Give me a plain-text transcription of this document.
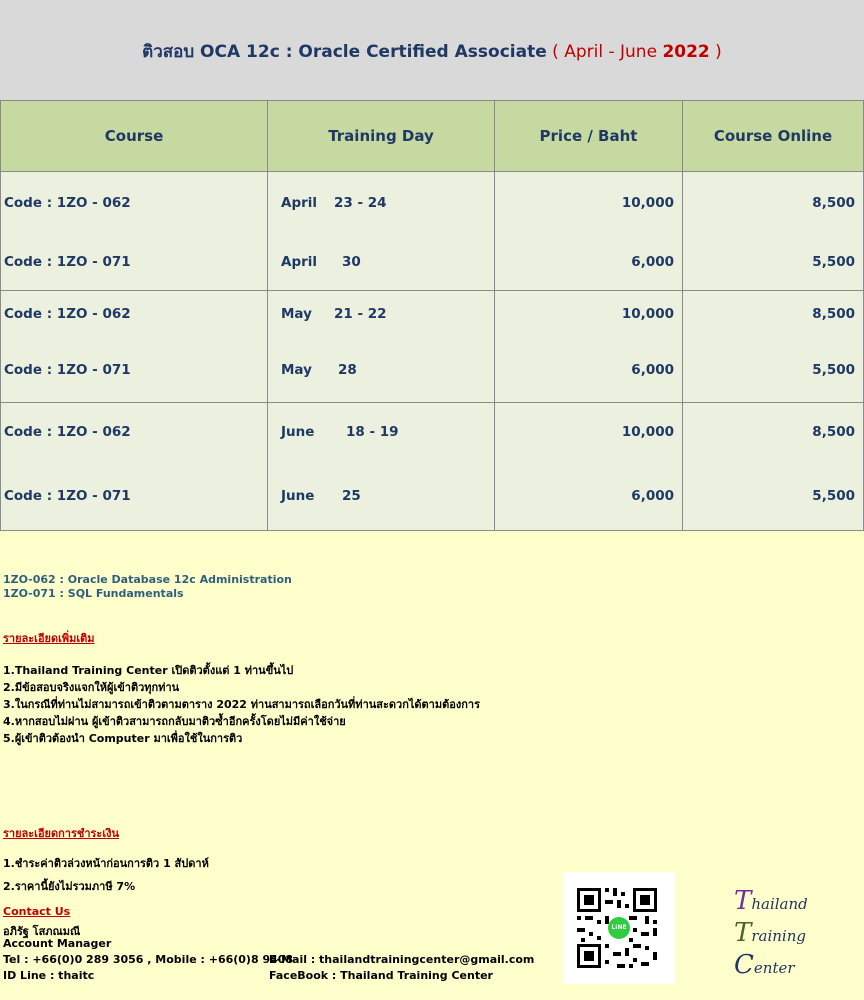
ติวสอบ OCA 12c : Oracle Certified Associate ( April - June 2022 )
Course	Training Day	Price / Baht	Course Online
Code : 1ZO - 062	April 23 - 24	10,000	8,500
Code : 1ZO - 071	April 30	6,000	5,500
Code : 1ZO - 062	May 21 - 22	10,000	8,500
Code : 1ZO - 071	May 28	6,000	5,500
Code : 1ZO - 062	June 18 - 19	10,000	8,500
Code : 1ZO - 071	June 25	6,000	5,500
1ZO-062 : Oracle Database 12c Administration
1ZO-071 : SQL Fundamentals
รายละเอียดเพิ่มเติม
1.Thailand Training Center เปิดติวตั้งแต่ 1 ท่านขึ้นไป
2.มีข้อสอบจริงแจกให้ผู้เข้าติวทุกท่าน
3.ในกรณีที่ท่านไม่สามารถเข้าติวตามตาราง 2022 ท่านสามารถเลือกวันที่ท่านสะดวกได้ตามต้องการ
4.หากสอบไม่ผ่าน ผู้เข้าติวสามารถกลับมาติวซ้ำอีกครั้งโดยไม่มีค่าใช้จ่าย
5.ผู้เข้าติวต้องนำ Computer มาเพื่อใช้ในการติว
รายละเอียดการชำระเงิน
1.ชำระค่าติวล่วงหน้าก่อนการติว 1 สัปดาห์
2.ราคานี้ยังไม่รวมภาษี 7%
Contact Us
อภิรัฐ โสภณมณี
Account Manager
Tel : +66(0)0 289 3056 , Mobile : +66(0)8 9408
E-Mail : thailandtrainingcenter@gmail.com
ID Line : thaitc	FaceBook : Thailand Training Center
LINE
Thailand
Training
Center
